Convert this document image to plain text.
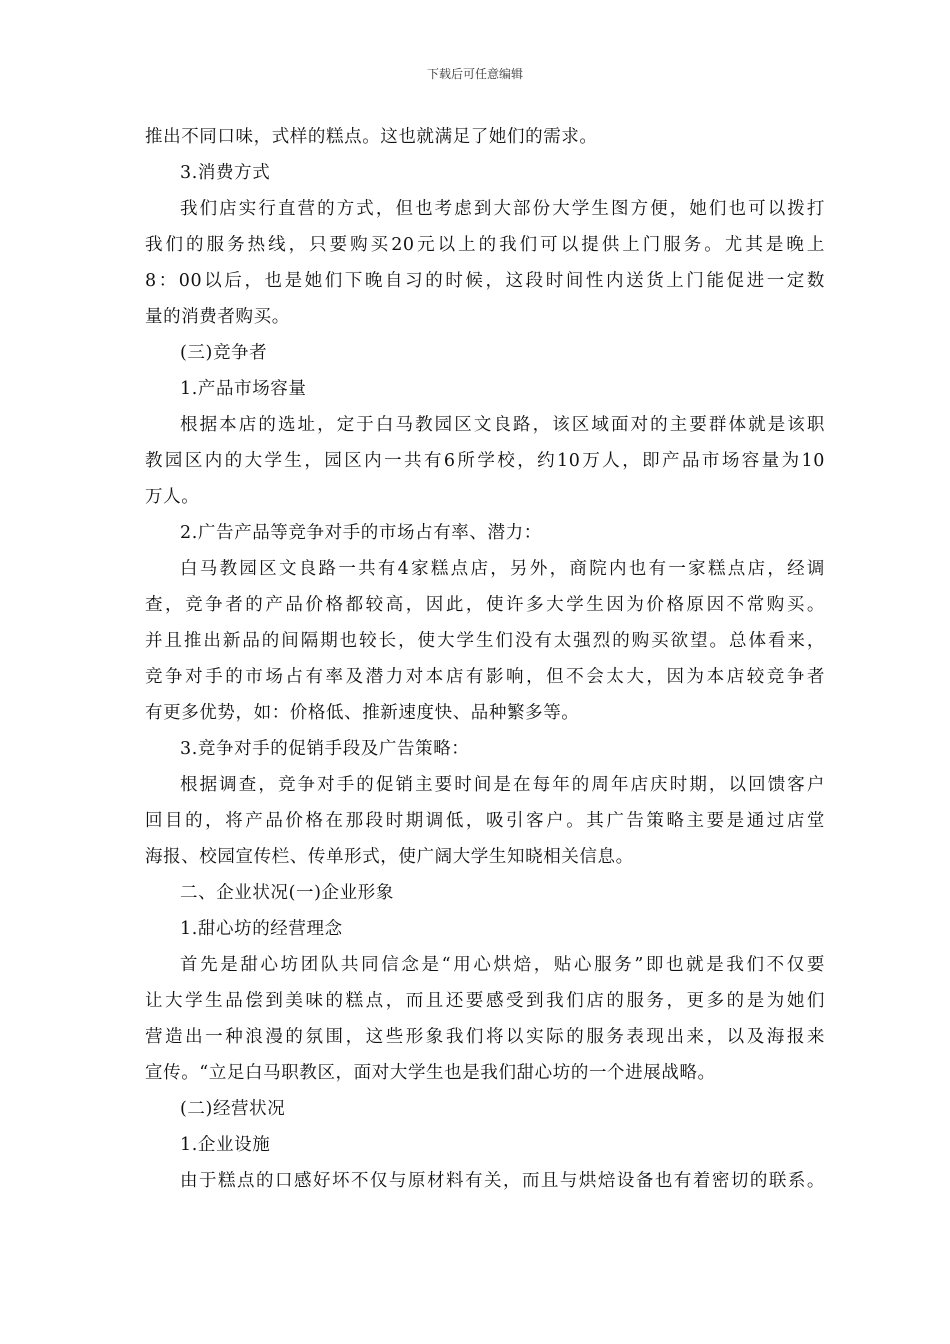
下载后可任意编辑
推出不同口味，式样的糕点。这也就满足了她们的需求。
3.消费方式
我们店实行直营的方式，但也考虑到大部份大学生图方便，她们也可以拨打
我们的服务热线，只要购买20元以上的我们可以提供上门服务。尤其是晚上
8：00以后，也是她们下晚自习的时候，这段时间性内送货上门能促进一定数
量的消费者购买。
(三)竞争者
1.产品市场容量
根据本店的选址，定于白马教园区文良路，该区域面对的主要群体就是该职
教园区内的大学生，园区内一共有6所学校，约10万人，即产品市场容量为10
万人。
2.广告产品等竞争对手的市场占有率、潜力：
白马教园区文良路一共有4家糕点店，另外，商院内也有一家糕点店，经调
查，竞争者的产品价格都较高，因此，使许多大学生因为价格原因不常购买。
并且推出新品的间隔期也较长，使大学生们没有太强烈的购买欲望。总体看来，
竞争对手的市场占有率及潜力对本店有影响，但不会太大，因为本店较竞争者
有更多优势，如：价格低、推新速度快、品种繁多等。
3.竞争对手的促销手段及广告策略：
根据调查，竞争对手的促销主要时间是在每年的周年店庆时期，以回馈客户
回目的，将产品价格在那段时期调低，吸引客户。其广告策略主要是通过店堂
海报、校园宣传栏、传单形式，使广阔大学生知晓相关信息。
二、企业状况(一)企业形象
1.甜心坊的经营理念
首先是甜心坊团队共同信念是“用心烘焙，贴心服务”即也就是我们不仅要
让大学生品偿到美味的糕点，而且还要感受到我们店的服务，更多的是为她们
营造出一种浪漫的氛围，这些形象我们将以实际的服务表现出来，以及海报来
宣传。“立足白马职教区，面对大学生也是我们甜心坊的一个进展战略。
(二)经营状况
1.企业设施
由于糕点的口感好坏不仅与原材料有关，而且与烘焙设备也有着密切的联系。
